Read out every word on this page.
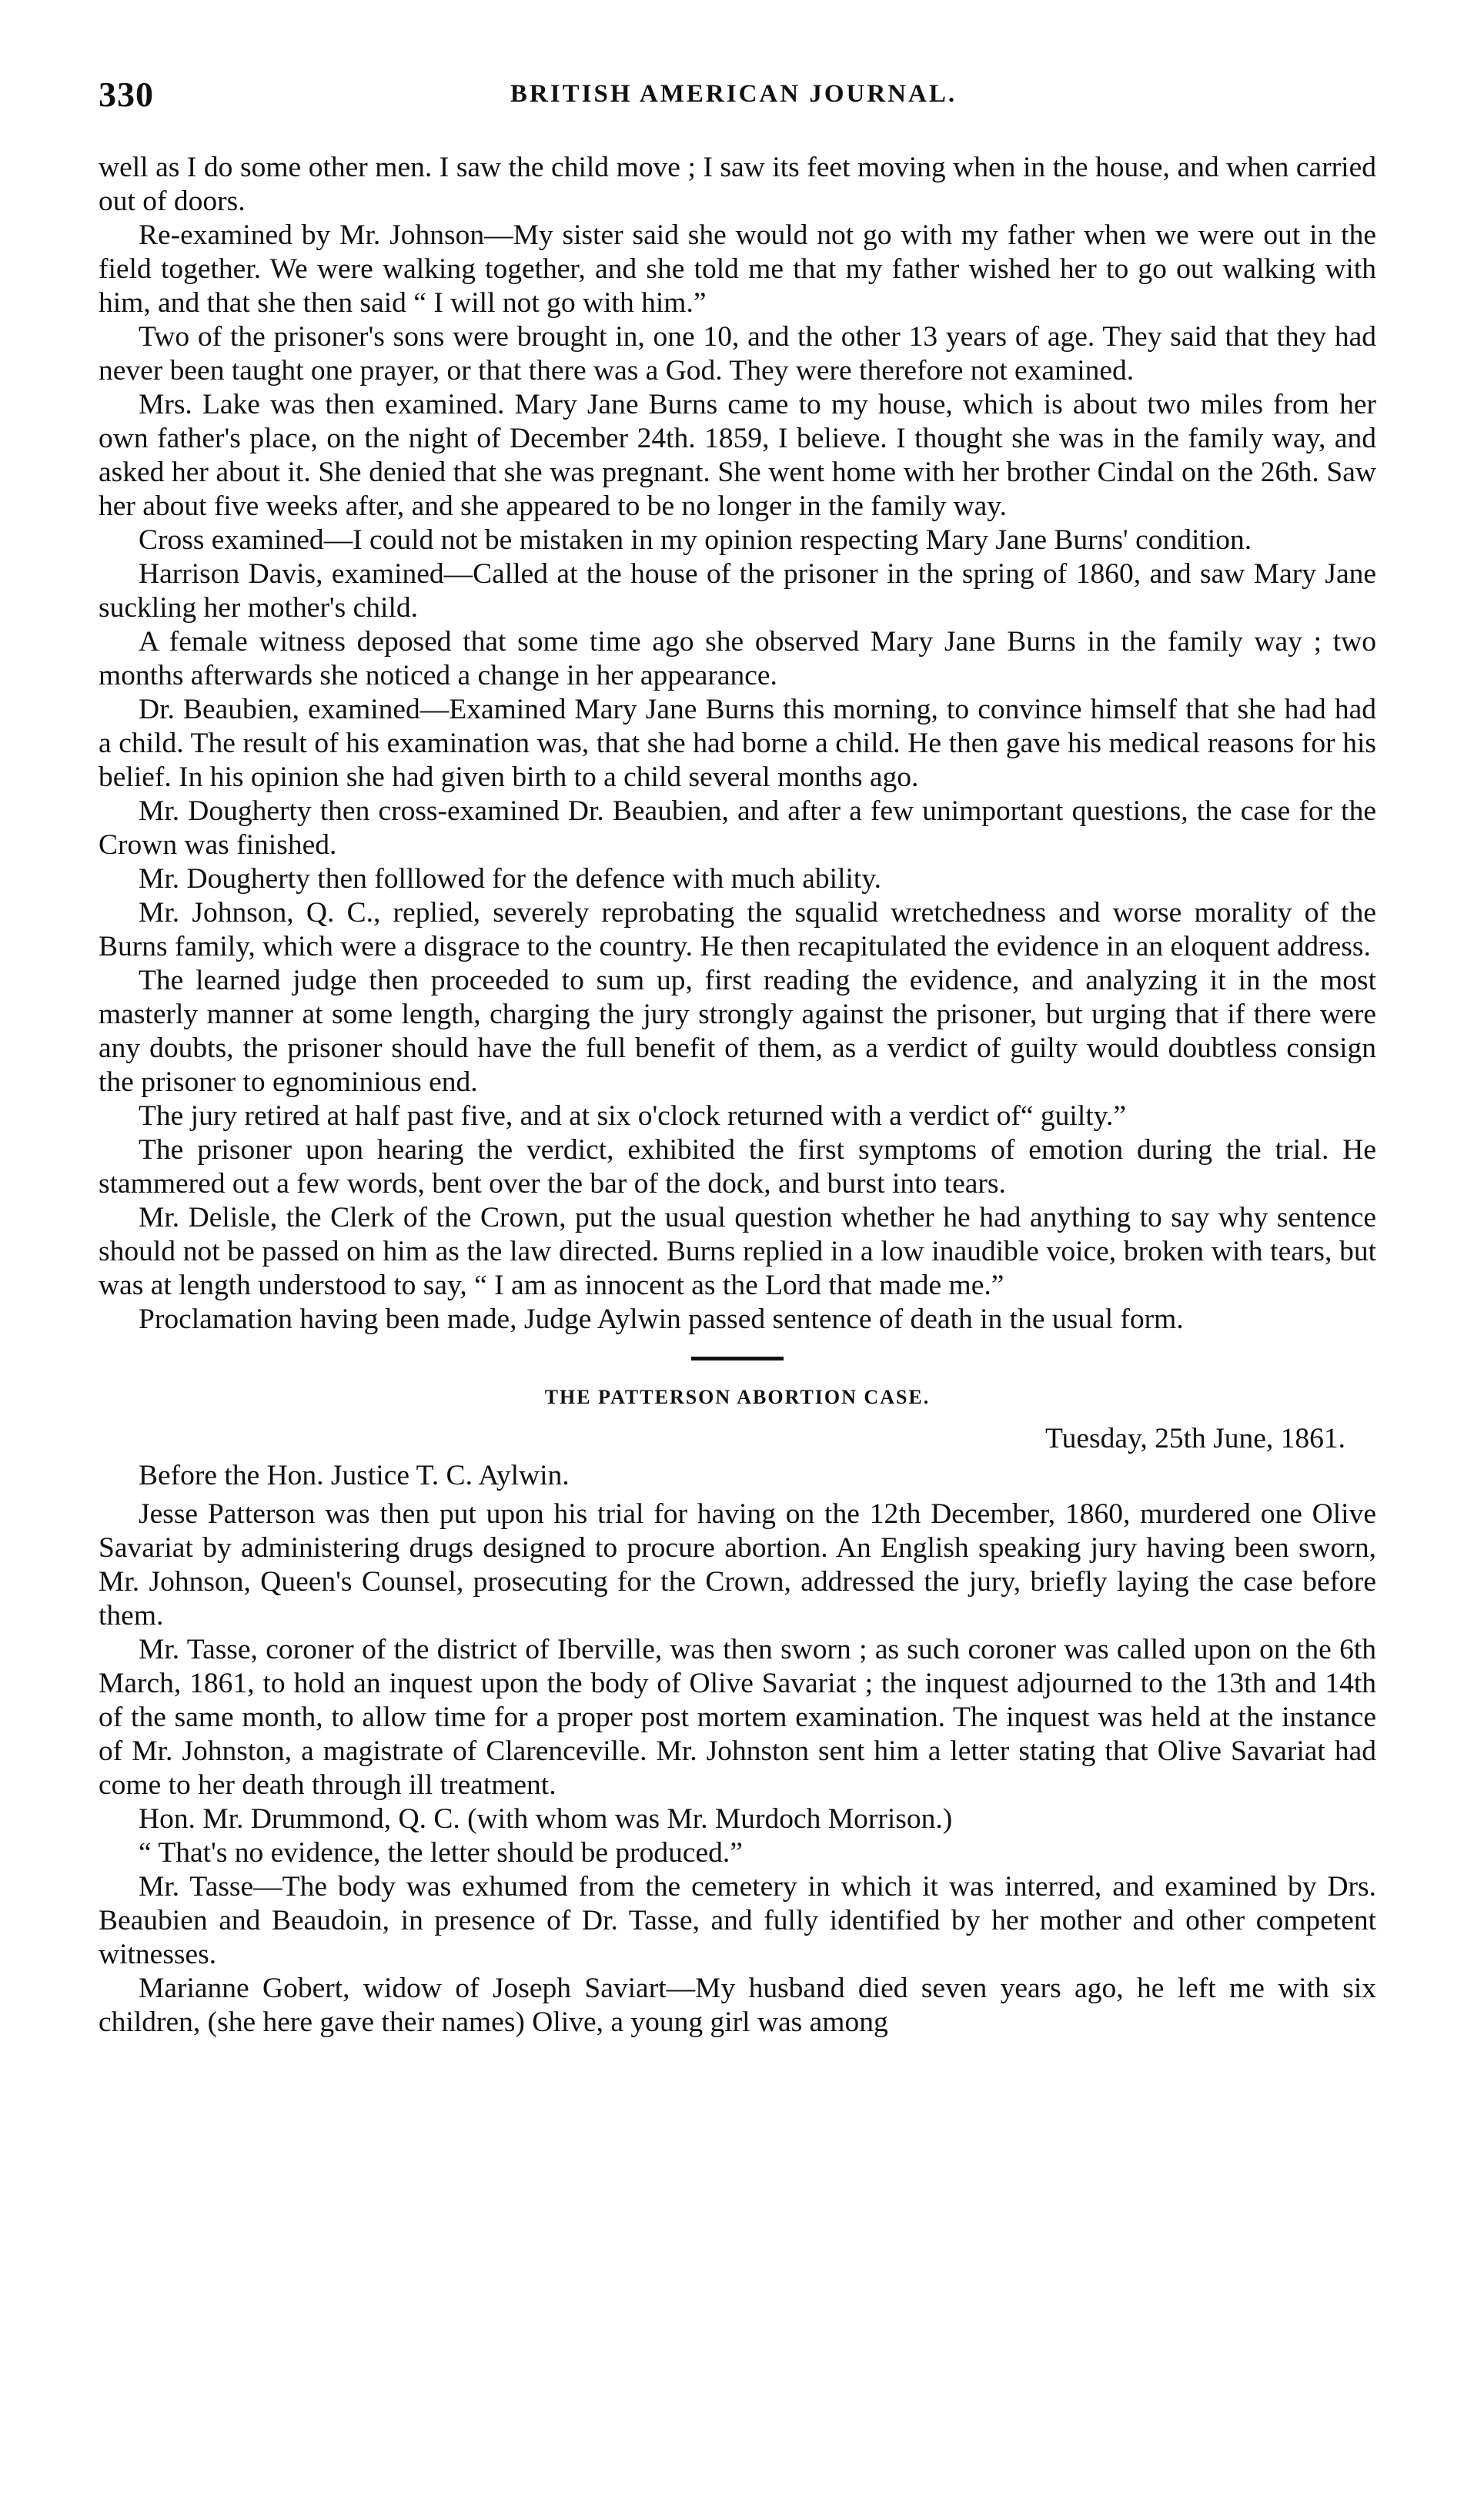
330	BRITISH AMERICAN JOURNAL.

well as I do some other men. I saw the child move ; I saw its feet moving when in the house, and when carried out of doors.

Re-examined by Mr. Johnson—My sister said she would not go with my father when we were out in the field together. We were walking together, and she told me that my father wished her to go out walking with him, and that she then said “ I will not go with him.”

Two of the prisoner's sons were brought in, one 10, and the other 13 years of age. They said that they had never been taught one prayer, or that there was a God. They were therefore not examined.

Mrs. Lake was then examined. Mary Jane Burns came to my house, which is about two miles from her own father's place, on the night of December 24th. 1859, I believe. I thought she was in the family way, and asked her about it. She denied that she was pregnant. She went home with her brother Cindal on the 26th. Saw her about five weeks after, and she appeared to be no longer in the family way.

Cross examined—I could not be mistaken in my opinion respecting Mary Jane Burns' condition.

Harrison Davis, examined—Called at the house of the prisoner in the spring of 1860, and saw Mary Jane suckling her mother's child.

A female witness deposed that some time ago she observed Mary Jane Burns in the family way ; two months afterwards she noticed a change in her appearance.

Dr. Beaubien, examined—Examined Mary Jane Burns this morning, to convince himself that she had had a child. The result of his examination was, that she had borne a child. He then gave his medical reasons for his belief. In his opinion she had given birth to a child several months ago.

Mr. Dougherty then cross-examined Dr. Beaubien, and after a few unimportant questions, the case for the Crown was finished.

Mr. Dougherty then folllowed for the defence with much ability.

Mr. Johnson, Q. C., replied, severely reprobating the squalid wretchedness and worse morality of the Burns family, which were a disgrace to the country. He then recapitulated the evidence in an eloquent address.

The learned judge then proceeded to sum up, first reading the evidence, and analyzing it in the most masterly manner at some length, charging the jury strongly against the prisoner, but urging that if there were any doubts, the prisoner should have the full benefit of them, as a verdict of guilty would doubtless consign the prisoner to egnominious end.

The jury retired at half past five, and at six o'clock returned with a verdict of“ guilty.”

The prisoner upon hearing the verdict, exhibited the first symptoms of emotion during the trial. He stammered out a few words, bent over the bar of the dock, and burst into tears.

Mr. Delisle, the Clerk of the Crown, put the usual question whether he had anything to say why sentence should not be passed on him as the law directed. Burns replied in a low inaudible voice, broken with tears, but was at length understood to say, “ I am as innocent as the Lord that made me.”

Proclamation having been made, Judge Aylwin passed sentence of death in the usual form.

THE PATTERSON ABORTION CASE.
Tuesday, 25th June, 1861.

Before the Hon. Justice T. C. Aylwin.

Jesse Patterson was then put upon his trial for having on the 12th December, 1860, murdered one Olive Savariat by administering drugs designed to procure abortion. An English speaking jury having been sworn, Mr. Johnson, Queen's Counsel, prosecuting for the Crown, addressed the jury, briefly laying the case before them.

Mr. Tasse, coroner of the district of Iberville, was then sworn ; as such coroner was called upon on the 6th March, 1861, to hold an inquest upon the body of Olive Savariat ; the inquest adjourned to the 13th and 14th of the same month, to allow time for a proper post mortem examination. The inquest was held at the instance of Mr. Johnston, a magistrate of Clarenceville. Mr. Johnston sent him a letter stating that Olive Savariat had come to her death through ill treatment.

Hon. Mr. Drummond, Q. C. (with whom was Mr. Murdoch Morrison.)

“ That's no evidence, the letter should be produced.”

Mr. Tasse—The body was exhumed from the cemetery in which it was interred, and examined by Drs. Beaubien and Beaudoin, in presence of Dr. Tasse, and fully identified by her mother and other competent witnesses.

Marianne Gobert, widow of Joseph Saviart—My husband died seven years ago, he left me with six children, (she here gave their names) Olive, a young girl was among
